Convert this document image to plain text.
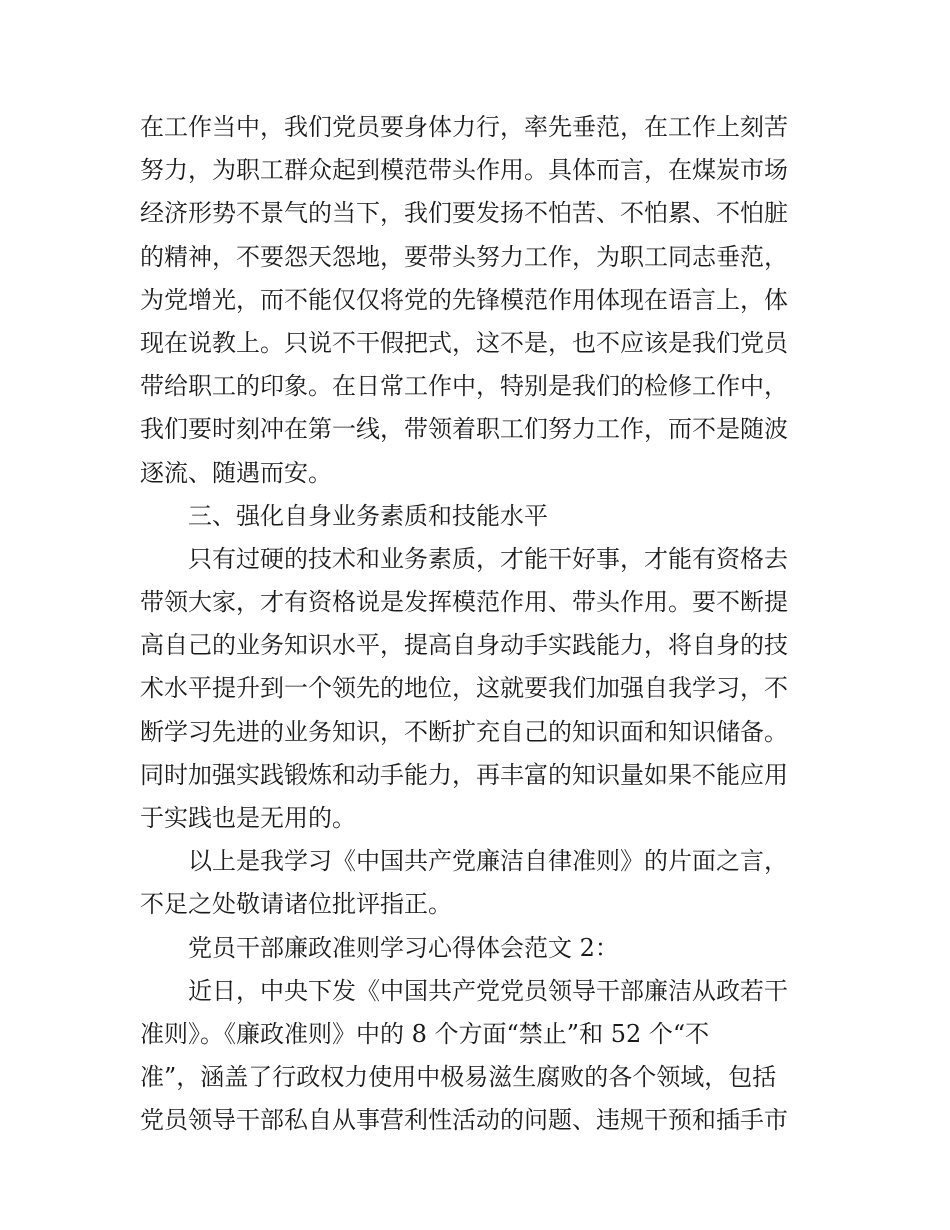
在工作当中，我们党员要身体力行，率先垂范，在工作上刻苦
努力，为职工群众起到模范带头作用。具体而言，在煤炭市场
经济形势不景气的当下，我们要发扬不怕苦、不怕累、不怕脏
的精神，不要怨天怨地，要带头努力工作，为职工同志垂范，
为党增光，而不能仅仅将党的先锋模范作用体现在语言上，体
现在说教上。只说不干假把式，这不是，也不应该是我们党员
带给职工的印象。在日常工作中，特别是我们的检修工作中，
我们要时刻冲在第一线，带领着职工们努力工作，而不是随波
逐流、随遇而安。
三、强化自身业务素质和技能水平
只有过硬的技术和业务素质，才能干好事，才能有资格去
带领大家，才有资格说是发挥模范作用、带头作用。要不断提
高自己的业务知识水平，提高自身动手实践能力，将自身的技
术水平提升到一个领先的地位，这就要我们加强自我学习，不
断学习先进的业务知识，不断扩充自己的知识面和知识储备。
同时加强实践锻炼和动手能力，再丰富的知识量如果不能应用
于实践也是无用的。
以上是我学习《中国共产党廉洁自律准则》的片面之言，
不足之处敬请诸位批评指正。
党员干部廉政准则学习心得体会范文 2：
近日，中央下发《中国共产党党员领导干部廉洁从政若干
准则》。《廉政准则》中的 8 个方面“禁止”和 52 个“不
准”，涵盖了行政权力使用中极易滋生腐败的各个领域，包括
党员领导干部私自从事营利性活动的问题、违规干预和插手市
